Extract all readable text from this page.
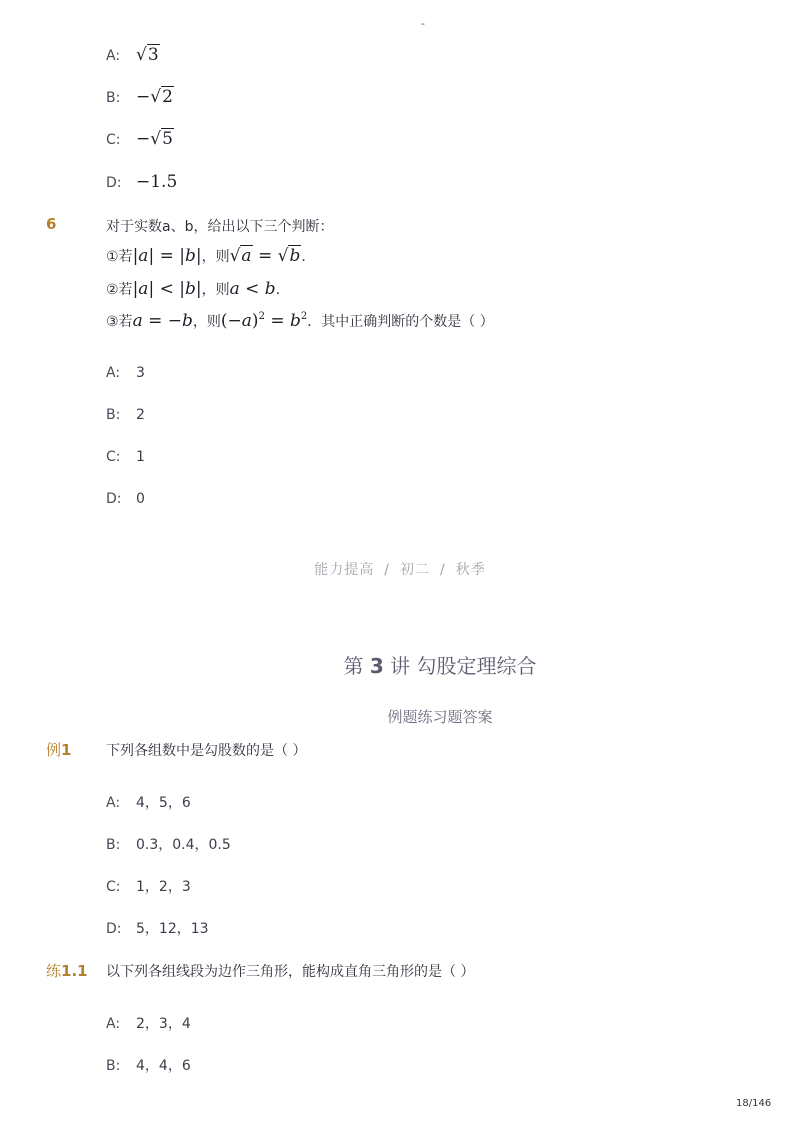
-
A: √3
B: −√2
C: −√5
D: −1.5
6	对于实数a、b，给出以下三个判断：
①若|a| = |b|，则√a = √b.
②若|a| < |b|，则a < b.
③若a = −b，则$(-a)^2 = b^2$．其中正确判断的个数是（ ）
A: 3
B: 2
C: 1
D: 0
能力提高 / 初二 / 秋季
第 3 讲 勾股定理综合
例题练习题答案
例1 下列各组数中是勾股数的是（ ）
A: 4，5，6
B: 0.3，0.4，0.5
C: 1，2，3
D: 5，12，13
练1.1 以下列各组线段为边作三角形，能构成直角三角形的是（ ）
A: 2，3，4
B: 4，4，6
18/146
